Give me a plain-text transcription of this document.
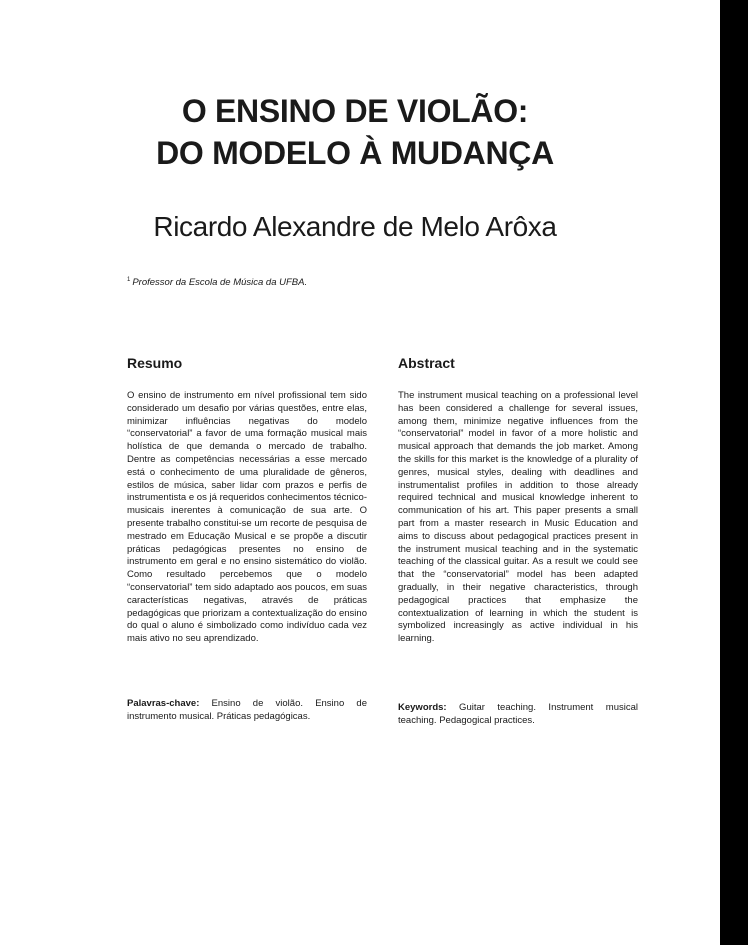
O ENSINO DE VIOLÃO:
DO MODELO À MUDANÇA

Ricardo Alexandre de Melo Arôxa

$^1$ Professor da Escola de Música da UFBA.

Resumo	Abstract

O ensino de instrumento em nível profissional tem sido considerado um desafio por várias questões, entre elas, minimizar influências negativas do modelo “conservatorial” a favor de uma formação musical mais holística de que demanda o mercado de trabalho. Dentre as competências necessárias a esse mercado está o conhecimento de uma pluralidade de gêneros, estilos de música, saber lidar com prazos e perfis de instrumentista e os já requeridos conhecimentos técnico-musicais inerentes à comunicação de sua arte. O presente trabalho constitui-se um recorte de pesquisa de mestrado em Educação Musical e se propõe a discutir práticas pedagógicas presentes no ensino de instrumento em geral e no ensino sistemático do violão. Como resultado percebemos que o modelo “conservatorial” tem sido adaptado aos poucos, em suas características negativas, através de práticas pedagógicas que priorizam a contextualização do ensino do qual o aluno é simbolizado como indivíduo cada vez mais ativo no seu aprendizado.

The instrument musical teaching on a professional level has been considered a challenge for several issues, among them, minimize negative influences from the “conservatorial” model in favor of a more holistic and musical approach that demands the job market. Among the skills for this market is the knowledge of a plurality of genres, musical styles, dealing with deadlines and instrumentalist profiles in addition to those already required technical and musical knowledge inherent to communication of his art. This paper presents a small part from a master research in Music Education and aims to discuss about pedagogical practices present in the instrument musical teaching and in the systematic teaching of the classical guitar. As a result we could see that the “conservatorial” model has been adapted gradually, in their negative characteristics, through pedagogical practices that emphasize the contextualization of learning in which the student is symbolized increasingly as active individual in his learning.

Palavras-chave: Ensino de violão. Ensino de instrumento musical. Práticas pedagógicas.

Keywords: Guitar teaching. Instrument musical teaching. Pedagogical practices.
